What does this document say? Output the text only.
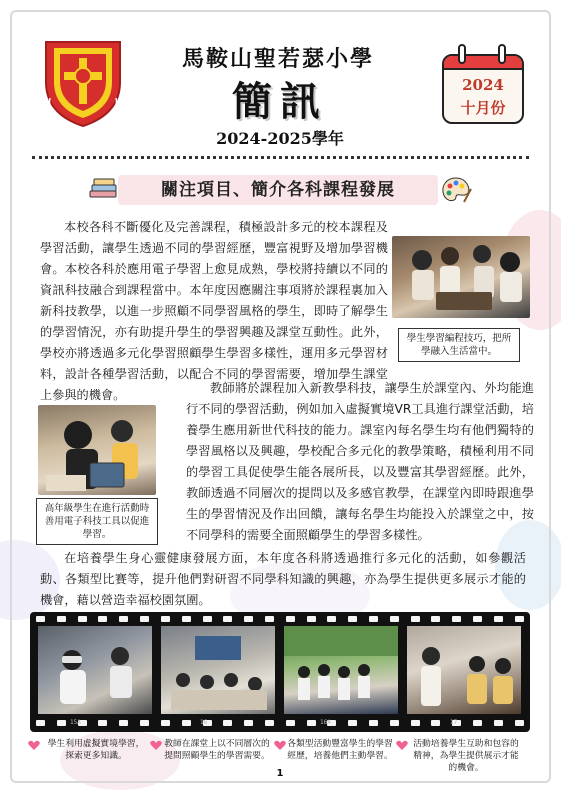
馬鞍山聖若瑟小學
簡訊
2024-2025學年
2024
十月份
關注項目、簡介各科課程發展
本校各科不斷優化及完善課程，積極設計多元的校本課程及學習活動，讓學生透過不同的學習經歷，豐富視野及增加學習機會。本校各科於應用電子學習上愈見成熟，學校將持續以不同的資訊科技融合到課程當中。本年度因應關注事項將於課程裏加入新科技教學，以進一步照顧不同學習風格的學生，即時了解學生的學習情況，亦有助提升學生的學習興趣及課堂互動性。此外，學校亦將透過多元化學習照顧學生學習多樣性，運用多元學習材料，設計各種學習活動，以配合不同的學習需要，增加學生課堂上參與的機會。
學生學習編程技巧，把所學融入生活當中。
高年級學生在進行活動時善用電子科技工具以促進學習。
教師將於課程加入新教學科技，讓學生於課堂內、外均能進行不同的學習活動，例如加入虛擬實境VR工具進行課堂活動，培養學生應用新世代科技的能力。課室內每名學生均有他們獨特的學習風格以及興趣，學校配合多元化的教學策略，積極利用不同的學習工具促使學生能各展所長，以及豐富其學習經歷。此外，教師透過不同層次的提問以及多感官教學，在課堂內即時跟進學生的學習情況及作出回饋，讓每名學生均能投入於課堂之中，按不同學科的需要全面照顧學生的學習多樣性。
在培養學生身心靈健康發展方面，本年度各科將透過推行多元化的活動，如參觀活動、各類型比賽等，提升他們對研習不同學科知識的興趣，亦為學生提供更多展示才能的機會，藉以營造幸福校園氛圍。
15A	16	16A	17
學生利用虛擬實境學習，探索更多知識。
教師在課堂上以不同層次的提問照顧學生的學習需要。
各類型活動豐富學生的學習經歷，培養他們主動學習。
活動培養學生互助和包容的精神，為學生提供展示才能的機會。
1
